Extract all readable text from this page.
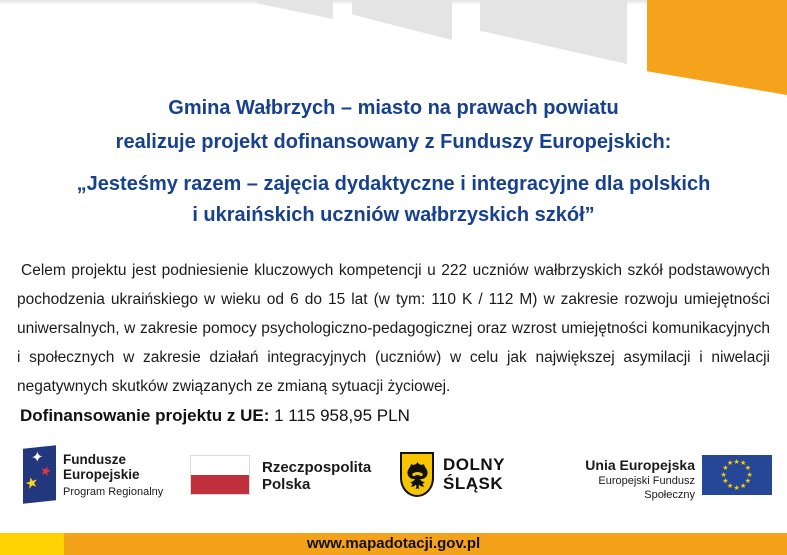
Gmina Wałbrzych – miasto na prawach powiatu
realizuje projekt dofinansowany z Funduszy Europejskich:
„Jesteśmy razem – zajęcia dydaktyczne i integracyjne dla polskich
i ukraińskich uczniów wałbrzyskich szkół”
Celem projektu jest podniesienie kluczowych kompetencji u 222 uczniów wałbrzyskich szkół podstawowych pochodzenia ukraińskiego w wieku od 6 do 15 lat (w tym: 110 K / 112 M) w zakresie rozwoju umiejętności uniwersalnych, w zakresie pomocy psychologiczno-pedagogicznej oraz wzrost umiejętności komunikacyjnych i społecznych w zakresie działań integracyjnych (uczniów) w celu jak największej asymilacji i niwelacji negatywnych skutków związanych ze zmianą sytuacji życiowej.
Dofinansowanie projektu z UE: 1 115 958,95 PLN
✦
★
★
Fundusze
Europejskie
Program Regionalny
Rzeczpospolita
Polska
DOLNY
ŚLĄSK
Unia Europejska
Europejski Fundusz Społeczny
★ ★
★
★
★
★
★
★
★
★
★
★
www.mapadotacji.gov.pl
